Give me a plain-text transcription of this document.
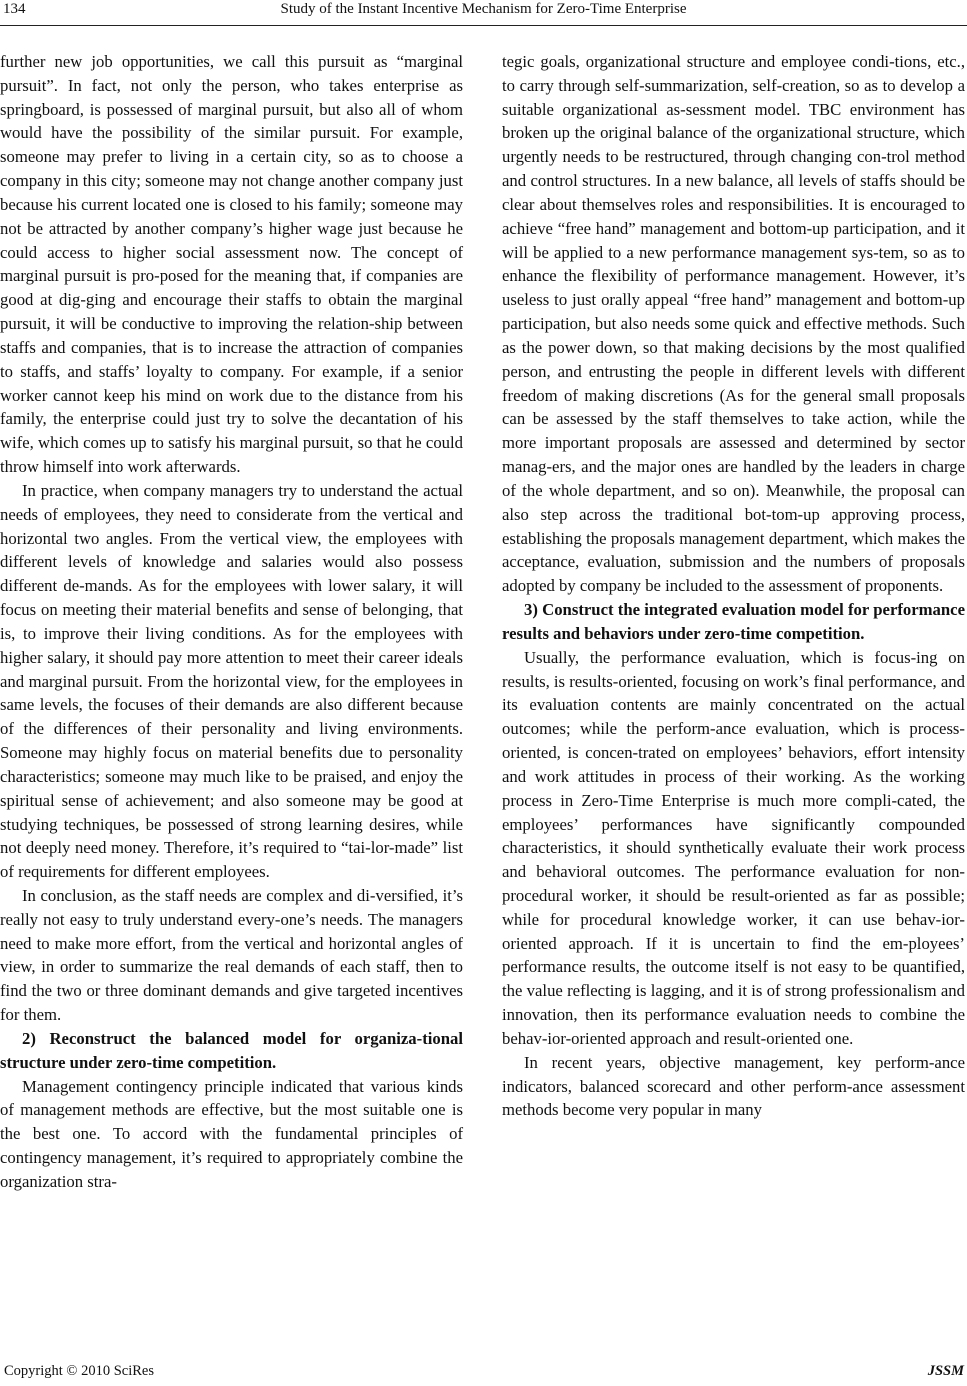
134	Study of the Instant Incentive Mechanism for Zero-Time Enterprise

further new job opportunities, we call this pursuit as “marginal pursuit”. In fact, not only the person, who takes enterprise as springboard, is possessed of marginal pursuit, but also all of whom would have the possibility of the similar pursuit. For example, someone may prefer to living in a certain city, so as to choose a company in this city; someone may not change another company just because his current located one is closed to his family; someone may not be attracted by another company’s higher wage just because he could access to higher social assessment now. The concept of marginal pursuit is pro-posed for the meaning that, if companies are good at dig-ging and encourage their staffs to obtain the marginal pursuit, it will be conductive to improving the relation-ship between staffs and companies, that is to increase the attraction of companies to staffs, and staffs’ loyalty to company. For example, if a senior worker cannot keep his mind on work due to the distance from his family, the enterprise could just try to solve the decantation of his wife, which comes up to satisfy his marginal pursuit, so that he could throw himself into work afterwards.

In practice, when company managers try to understand the actual needs of employees, they need to considerate from the vertical and horizontal two angles. From the vertical view, the employees with different levels of knowledge and salaries would also possess different de-mands. As for the employees with lower salary, it will focus on meeting their material benefits and sense of belonging, that is, to improve their living conditions. As for the employees with higher salary, it should pay more attention to meet their career ideals and marginal pursuit. From the horizontal view, for the employees in same levels, the focuses of their demands are also different because of the differences of their personality and living environments. Someone may highly focus on material benefits due to personality characteristics; someone may much like to be praised, and enjoy the spiritual sense of achievement; and also someone may be good at studying techniques, be possessed of strong learning desires, while not deeply need money. Therefore, it’s required to “tai-lor-made” list of requirements for different employees.

In conclusion, as the staff needs are complex and di-versified, it’s really not easy to truly understand every-one’s needs. The managers need to make more effort, from the vertical and horizontal angles of view, in order to summarize the real demands of each staff, then to find the two or three dominant demands and give targeted incentives for them.

2) Reconstruct the balanced model for organiza-tional structure under zero-time competition.

Management contingency principle indicated that various kinds of management methods are effective, but the most suitable one is the best one. To accord with the fundamental principles of contingency management, it’s required to appropriately combine the organization stra-

tegic goals, organizational structure and employee condi-tions, etc., to carry through self-summarization, self-creation, so as to develop a suitable organizational as-sessment model. TBC environment has broken up the original balance of the organizational structure, which urgently needs to be restructured, through changing con-trol method and control structures. In a new balance, all levels of staffs should be clear about themselves roles and responsibilities. It is encouraged to achieve “free hand” management and bottom-up participation, and it will be applied to a new performance management sys-tem, so as to enhance the flexibility of performance management. However, it’s useless to just orally appeal “free hand” management and bottom-up participation, but also needs some quick and effective methods. Such as the power down, so that making decisions by the most qualified person, and entrusting the people in different levels with different freedom of making discretions (As for the general small proposals can be assessed by the staff themselves to take action, while the more important proposals are assessed and determined by sector manag-ers, and the major ones are handled by the leaders in charge of the whole department, and so on). Meanwhile, the proposal can also step across the traditional bot-tom-up approving process, establishing the proposals management department, which makes the acceptance, evaluation, submission and the numbers of proposals adopted by company be included to the assessment of proponents.

3) Construct the integrated evaluation model for performance results and behaviors under zero-time competition.

Usually, the performance evaluation, which is focus-ing on results, is results-oriented, focusing on work’s final performance, and its evaluation contents are mainly concentrated on the actual outcomes; while the perform-ance evaluation, which is process-oriented, is concen-trated on employees’ behaviors, effort intensity and work attitudes in process of their working. As the working process in Zero-Time Enterprise is much more compli-cated, the employees’ performances have significantly compounded characteristics, it should synthetically evaluate their work process and behavioral outcomes. The performance evaluation for non-procedural worker, it should be result-oriented as far as possible; while for procedural knowledge worker, it can use behav-ior-oriented approach. If it is uncertain to find the em-ployees’ performance results, the outcome itself is not easy to be quantified, the value reflecting is lagging, and it is of strong professionalism and innovation, then its performance evaluation needs to combine the behav-ior-oriented approach and result-oriented one.

In recent years, objective management, key perform-ance indicators, balanced scorecard and other perform-ance assessment methods become very popular in many

Copyright © 2010 SciRes	JSSM
